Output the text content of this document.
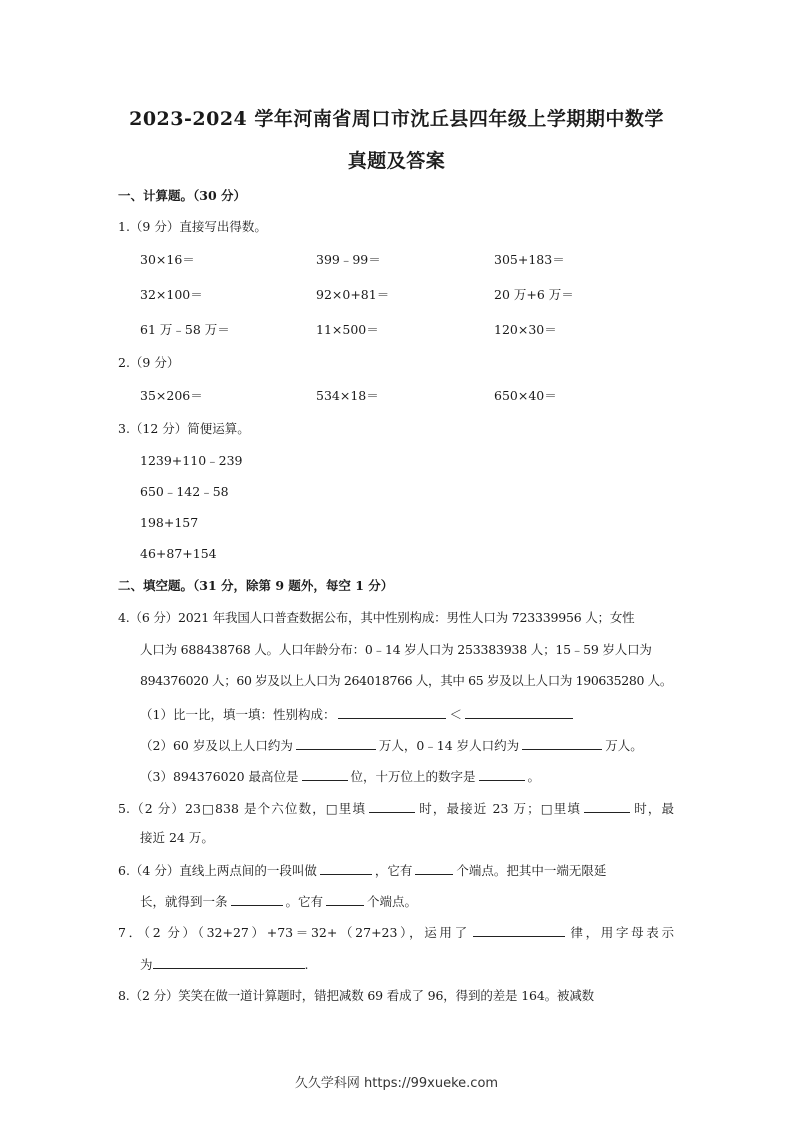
2023-2024 学年河南省周口市沈丘县四年级上学期期中数学
真题及答案
一、计算题。（30 分）
1.（9 分）直接写出得数。
30×16＝	399﹣99＝	305+183＝
32×100＝	92×0+81＝	20 万+6 万＝
61 万﹣58 万＝	11×500＝	120×30＝
2.（9 分）
35×206＝	534×18＝	650×40＝
3.（12 分）简便运算。
1239+110﹣239
650﹣142﹣58
198+157
46+87+154
二、填空题。（31 分，除第 9 题外，每空 1 分）
4.（6 分）2021 年我国人口普查数据公布，其中性别构成：男性人口为 723339956 人；女性
人口为 688438768 人。人口年龄分布：0﹣14 岁人口为 253383938 人；15﹣59 岁人口为
894376020 人；60 岁及以上人口为 264018766 人，其中 65 岁及以上人口为 190635280 人。
（1）比一比，填一填：性别构成：	＜
（2）60 岁及以上人口约为	万人，0﹣14 岁人口约为	万人。
（3）894376020 最高位是	位，十万位上的数字是	。
5.（2 分）23□838 是个六位数，□里填	时，最接近 23 万；□里填	时，最
接近 24 万。
6.（4 分）直线上两点间的一段叫做	，它有	个端点。把其中一端无限延
长，就得到一条	。它有	个端点。
7．（2 分）（32+27）+73＝32+（27+23），运用了	律，用字母表示
为	.
8.（2 分）笑笑在做一道计算题时，错把减数 69 看成了 96，得到的差是 164。被减数
久久学科网 https://99xueke.com
